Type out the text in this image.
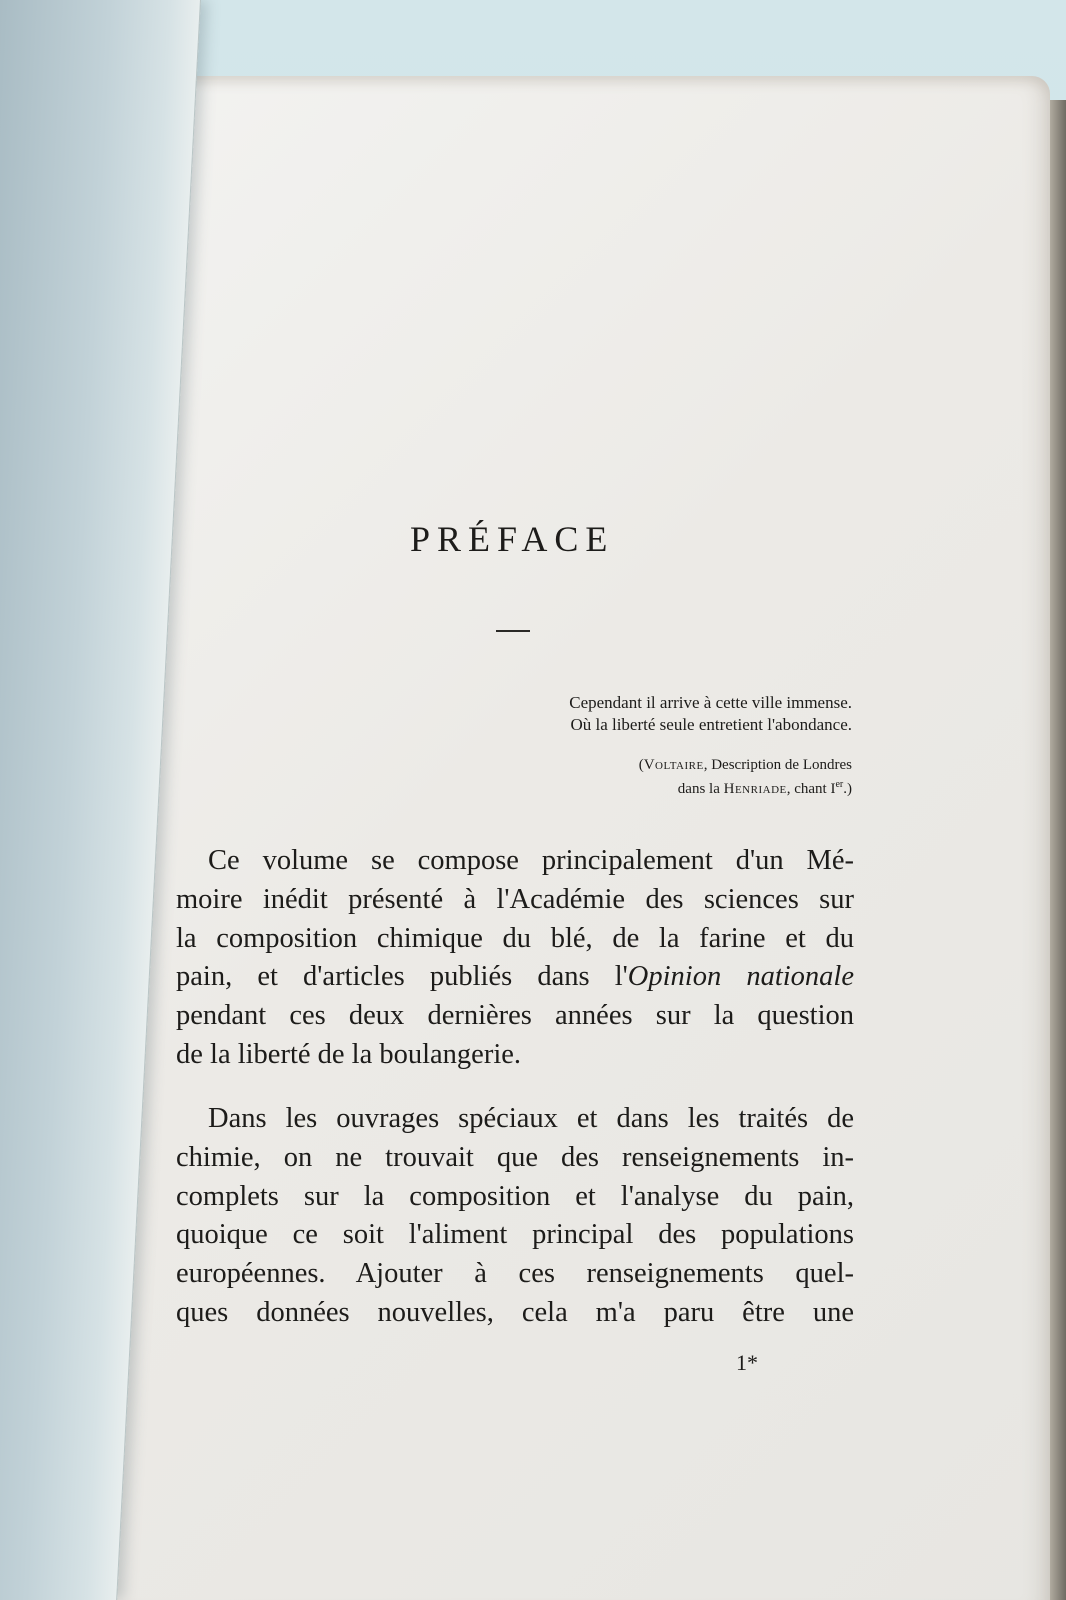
​
PRÉFACE
Cependant il arrive à cette ville immense.
Où la liberté seule entretient l'abondance.
(Voltaire, Description de Londres
dans la Henriade, chant Ier.)
Ce volume se compose principalement d'un Mé-
moire inédit présenté à l'Académie des sciences sur
la composition chimique du blé, de la farine et du
pain, et d'articles publiés dans l'Opinion nationale
pendant ces deux dernières années sur la question
de la liberté de la boulangerie.
Dans les ouvrages spéciaux et dans les traités de
chimie, on ne trouvait que des renseignements in-
complets sur la composition et l'analyse du pain,
quoique ce soit l'aliment principal des populations
européennes. Ajouter à ces renseignements quel-
ques données nouvelles, cela m'a paru être une
1*
